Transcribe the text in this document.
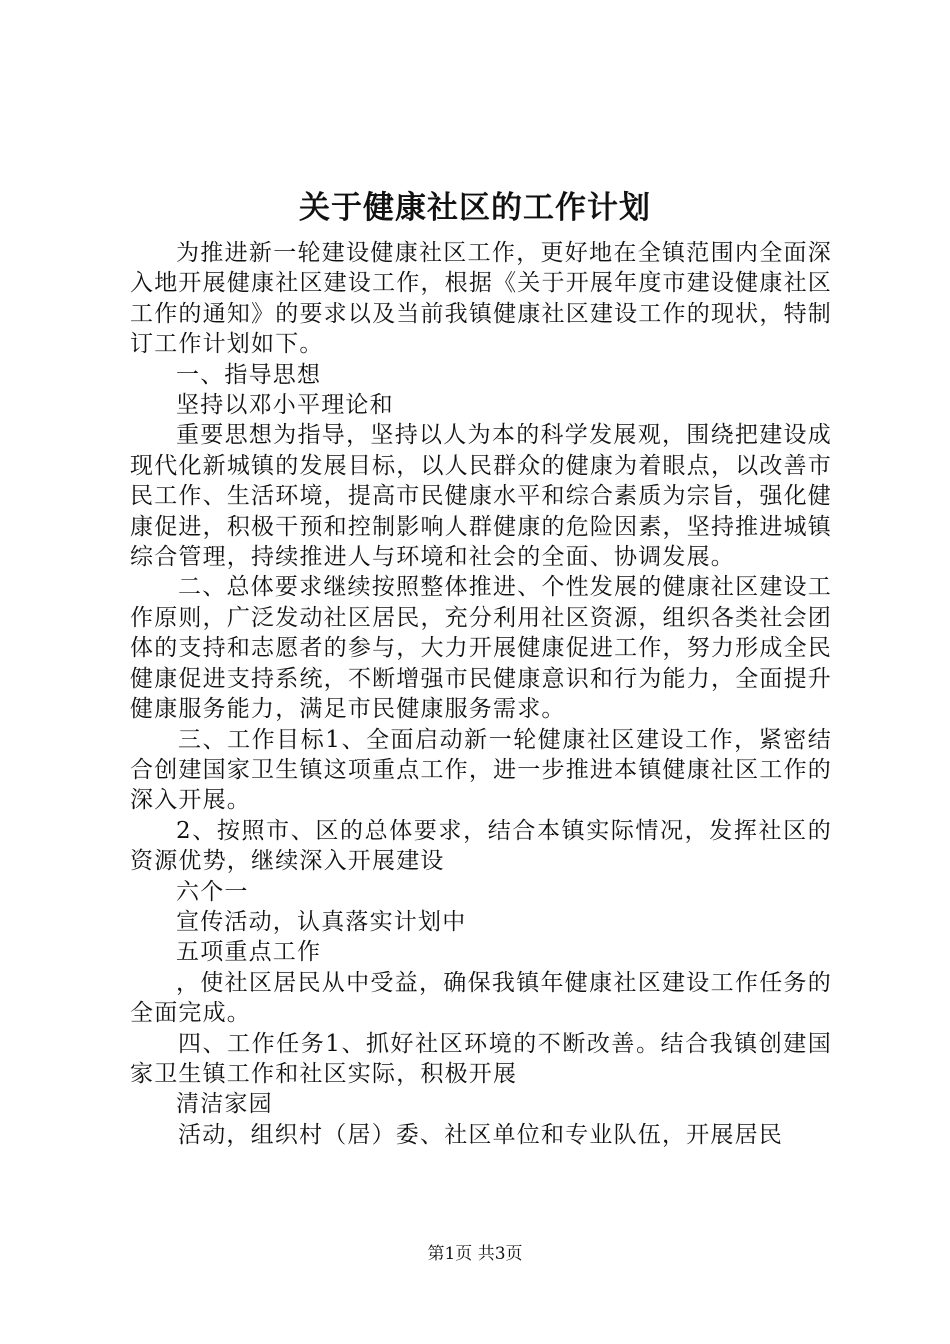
关于健康社区的工作计划

为推进新一轮建设健康社区工作，更好地在全镇范围内全面深入地开展健康社区建设工作，根据《关于开展年度市建设健康社区工作的通知》的要求以及当前我镇健康社区建设工作的现状，特制订工作计划如下。

一、指导思想

坚持以邓小平理论和

重要思想为指导，坚持以人为本的科学发展观，围绕把建设成现代化新城镇的发展目标，以人民群众的健康为着眼点，以改善市民工作、生活环境，提高市民健康水平和综合素质为宗旨，强化健康促进，积极干预和控制影响人群健康的危险因素，坚持推进城镇综合管理，持续推进人与环境和社会的全面、协调发展。

二、总体要求继续按照整体推进、个性发展的健康社区建设工作原则，广泛发动社区居民，充分利用社区资源，组织各类社会团体的支持和志愿者的参与，大力开展健康促进工作，努力形成全民健康促进支持系统，不断增强市民健康意识和行为能力，全面提升健康服务能力，满足市民健康服务需求。

三、工作目标1、全面启动新一轮健康社区建设工作，紧密结合创建国家卫生镇这项重点工作，进一步推进本镇健康社区工作的深入开展。

2、按照市、区的总体要求，结合本镇实际情况，发挥社区的资源优势，继续深入开展建设

六个一

宣传活动，认真落实计划中

五项重点工作

，使社区居民从中受益，确保我镇年健康社区建设工作任务的全面完成。

四、工作任务1、抓好社区环境的不断改善。结合我镇创建国家卫生镇工作和社区实际，积极开展

清洁家园

活动，组织村（居）委、社区单位和专业队伍，开展居民

第1页 共3页
